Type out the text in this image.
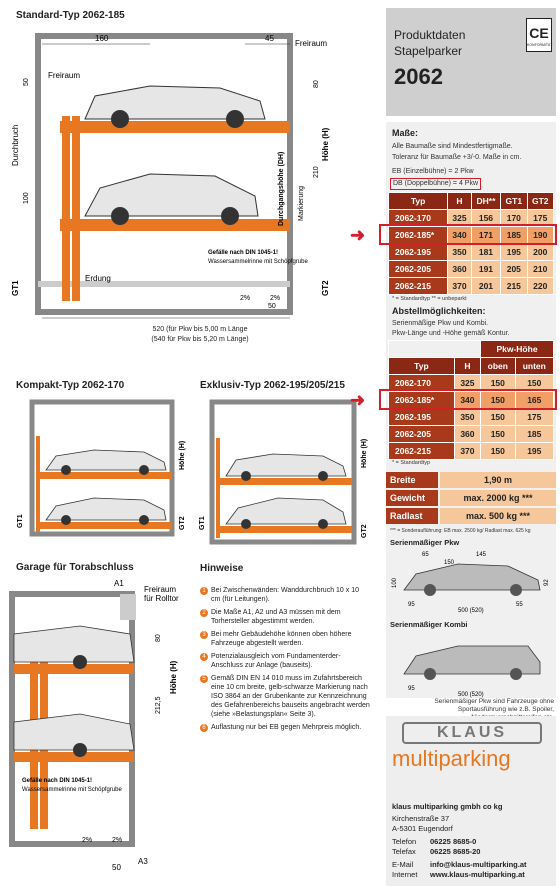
Standard-Typ 2062-185
160	45
Freiraum
Freiraum
50	80
100
210
50
Durchbruch
GT1	GT2
Höhe (H)
Durchgangshöhe (DH) Markierung
Erdung
Gefälle nach DIN 1045-1!
Wassersammelrinne mit Schöpfgrube
2%	2%
520 (für Pkw bis 5,00 m Länge
(540 für Pkw bis 5,20 m Länge)
Kompakt-Typ 2062-170
GT1	GT2
Höhe (H)
Exklusiv-Typ 2062-195/205/215
GT1
GT2
Höhe (H)
Garage für Torabschluss
A1
Freiraum
für Rolltor
80
212,5
Höhe (H)
Gefälle nach DIN 1045-1!
Wassersammelrinne mit Schöpfgrube
2%	2%
50
A3
Hinweise
1 Bei Zwischenwänden: Wanddurchbruch 10 x 10 cm (für Leitungen).
2 Die Maße A1, A2 und A3 müssen mit dem Torhersteller abgestimmt werden.
3 Bei mehr Gebäudehöhe können oben höhere Fahrzeuge abgestellt werden.
4 Potenzialausgleich vom Fundamenterder-Anschluss zur Anlage (bauseits).
5 Gemäß DIN EN 14 010 muss im Zufahrtsbereich eine 10 cm breite, gelb-schwarze Markierung nach ISO 3864 an der Grubenkante zur Kennzeichnung des Gefahrenbereichs bauseits angebracht werden (siehe »Belastungsplan« Seite 3).
6 Auflastung nur bei EB gegen Mehrpreis möglich.
Produktdaten
Stapelparker
2062
CE
KONFORMITÄT
Maße:
Alle Baumaße sind Mindestfertigmaße.
Toleranz für Baumaße +3/-0. Maße in cm.
EB (Einzelbühne) = 2 Pkw
DB (Doppelbühne) = 4 Pkw
Typ	H	DH**	GT1	GT2
2062-170	325	156	170	175
2062-185*	340	171	185	190
2062-195	350	181	195	200
2062-205	360	191	205	210
2062-215	370	201	215	220
* = Standardtyp ** = unbeparkt
Abstellmöglichkeiten:
Serienmäßige Pkw und Kombi.
Pkw-Länge und -Höhe gemäß Kontur.
		Pkw-Höhe	
Typ	H	oben	unten
2062-170	325	150	150
2062-185*	340	150	165
2062-195	350	150	175
2062-205	360	150	185
2062-215	370	150	195
* = Standardtyp
➜
➜
Breite	1,90 m
Gewicht	max. 2000 kg ***
Radlast	max. 500 kg ***
*** = Sonderauflührung: EB max. 2500 kg/ Radlast max. 625 kg
Serienmäßiger Pkw
65	145
150
95
500 (520)
55
92
100
Serienmäßiger Kombi
95
500 (520)
Serienmäßiger Pkw sind Fahrzeuge ohne Sportausführung wie z.B. Spoiler,
KLAUS
multiparking
klaus multiparking gmbh co kg
Kirchenstraße 37
A-5301 Eugendorf
Telefon 06225 8685-0
Telefax 06225 8685-20
E-Mail info@klaus-multiparking.at
Internet www.klaus-multiparking.at
